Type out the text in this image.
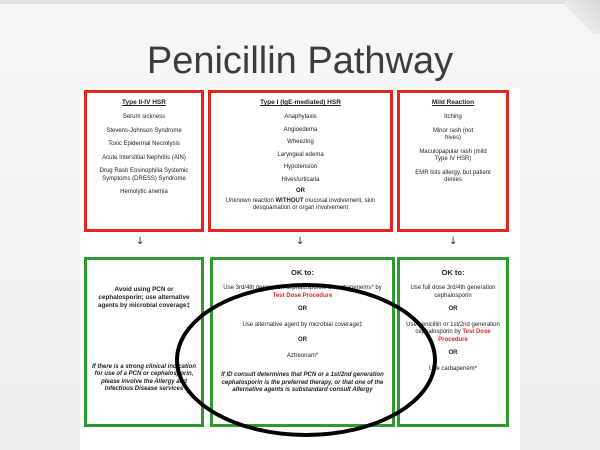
Penicillin Pathway
Type II-IV HSR
Serum sickness
Stevens-Johnson Syndrome
Toxic Epidermal Necrolysis
Acute Interstitial Nephritis (AIN)
Drug Rash Eosinophilia Systemic Symptoms (DRESS) Syndrome
Hemolytic anemia
Type I (IgE-mediated) HSR
Anaphylaxis
Angioedema
Wheezing
Laryngeal edema
Hypotension
Hives/urticaria
OR
Unknown reaction WITHOUT mucosal involvement, skin desquamation or organ involvement
Mild Reaction
Itching
Minor rash (not hives)
Maculopapular rash (mild Type IV HSR)
EMR lists allergy, but patient denies
↓	↓	↓
Avoid using PCN or cephalosporin; use alternative agents by microbial coverage‡
If there is a strong clinical indication for use of a PCN or cephalosporin, please involve the Allergy and Infectious Disease services
OK to:
Use 3rd/4th generation cephalosporins or carbapenems* by Test Dose Procedure
OR
Use alternative agent by microbial coverage‡
OR
Aztreonam*
If ID consult determines that PCN or a 1st/2nd generation cephalosporin is the preferred therapy, or that one of the alternative agents is substandard consult Allergy
OK to:
Use full dose 3rd/4th generation cephalosporin
OR
Use penicillin or 1st/2nd generation cephalosporin by Test Dose Procedure
OR
Use carbapenem*
